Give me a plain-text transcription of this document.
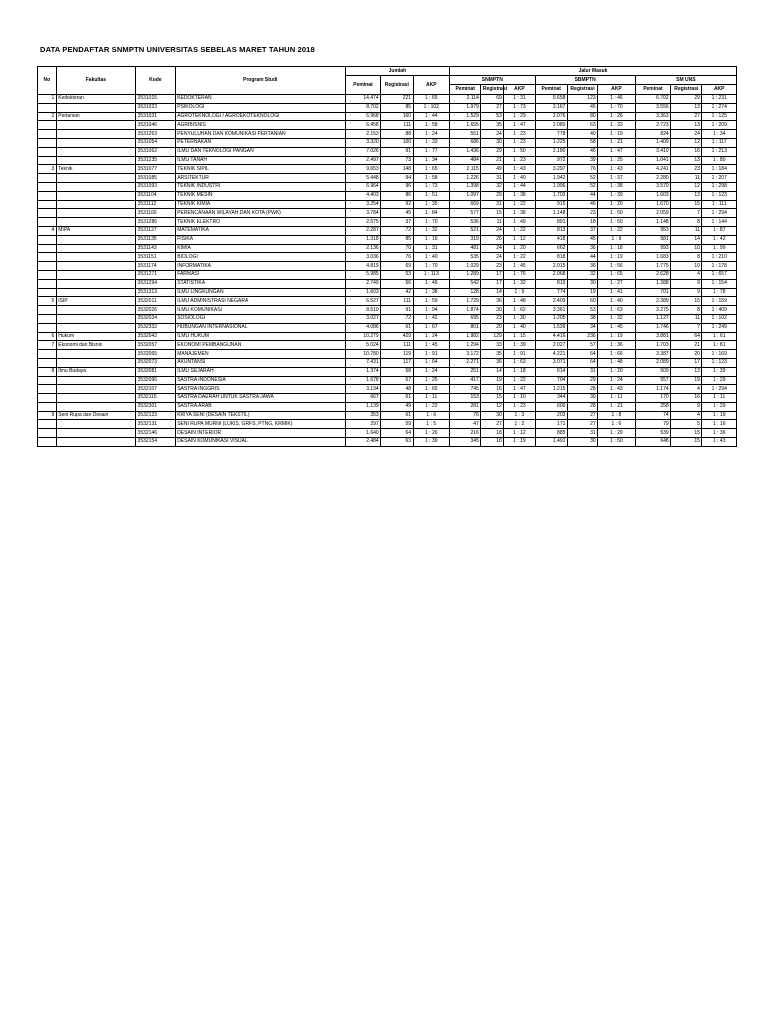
DATA PENDAFTAR SNMPTN UNIVERSITAS SEBELAS MARET TAHUN 2018
No	Fakultas	Kode	Program Studi	Jumlah			Jalur Masuk								
				Peminat	Registrasi	AKP	SNMPTN			SBMPTN			SM UNS		
							Peminat	Registrasi	AKP	Peminat	Registrasi	AKP	Peminat	Registrasi	AKP
1	Kedokteran	3531015	KEDOKTERAN	14.474	221	1 : 65	2.114	69	1 : 31	5.658	123	1 : 46	6.702	29	1 : 231
		3531023	PSIKOLOGI	8.702	85	1 : 102	1.979	27	1 : 73	3.167	45	1 : 70	3.556	13	1 : 274
2	Pertanian	3531031	AGROTEKNOLOGI / AGROEKOTEKNOLOGI	6.968	160	1 : 44	1.529	53	1 : 29	2.076	80	1 : 26	3.363	27	1 : 125
		3531046	AGRIBISNIS	6.458	111	1 : 58	1.655	35	1 : 47	2.080	63	1 : 33	2.723	13	1 : 209
		3531263	PENYULUHAN DAN KOMUNIKASI PERTANIAN	2.153	88	1 : 24	551	24	1 : 23	778	40	1 : 19	824	24	1 : 34
		3531054	PETERNAKAN	3.320	100	1 : 33	686	30	1 : 23	1.225	58	1 : 21	1.409	12	1 : 117
		3531062	ILMU DAN TEKNOLOGI PANGAN	7.026	91	1 : 77	1.436	29	1 : 50	2.180	46	1 : 47	3.410	16	1 : 213
		3531235	ILMU TANAH	2.497	73	1 : 34	484	21	1 : 23	972	39	1 : 25	1.041	13	1 : 80
3	Teknik	3531077	TEKNIK SIPIL	9.653	148	1 : 65	2.115	49	1 : 43	3.297	76	1 : 43	4.241	23	1 : 184
		3531085	ARSITEKTUR	5.448	94	1 : 58	1.226	31	1 : 40	1.942	52	1 : 37	2.280	11	1 : 207
		3531093	TEKNIK INDUSTRI	6.964	96	1 : 73	1.398	32	1 : 44	1.996	52	1 : 38	3.570	12	1 : 298
		3531104	TEKNIK MESIN	4.403	86	1 : 51	1.097	29	1 : 38	1.703	44	1 : 39	1.603	13	1 : 123
		3531112	TEKNIK KIMIA	3.254	92	1 : 35	669	31	1 : 22	915	46	1 : 20	1.670	15	1 : 111
		3531166	PERENCANAAN WILAYAH DAN KOTA (PWK)	3.784	45	1 : 84	577	15	1 : 38	1.148	23	1 : 50	2.059	7	1 : 294
		3531286	TEKNIK ELEKTRO	2.575	37	1 : 70	536	11	1 : 49	891	18	1 : 50	1.148	8	1 : 144
4	MIPA	3531127	MATEMATIKA	2.287	72	1 : 32	521	24	1 : 22	813	37	1 : 22	953	11	1 : 87
		3531135	FISIKA	1.318	85	1 : 16	319	26	1 : 12	418	45	1 : 9	581	14	1 : 42
		3531143	KIMIA	2.136	70	1 : 31	481	24	1 : 20	662	36	1 : 18	993	10	1 : 99
		3531151	BIOLOGI	3.036	76	1 : 40	535	24	1 : 22	818	44	1 : 19	1.683	8	1 : 210
		3531174	INFORMATIKA	4.819	69	1 : 70	1.029	23	1 : 45	2.015	36	1 : 56	1.775	10	1 : 178
		3531271	FARMASI	5.985	53	1 : 113	1.289	17	1 : 76	2.068	32	1 : 65	2.628	4	1 : 657
		3531294	STATISTIKA	2.749	56	1 : 49	542	17	1 : 32	819	30	1 : 27	1.388	9	1 : 154
		3531313	ILMU LINGKUNGAN	1.603	42	1 : 38	128	14	1 : 9	774	19	1 : 41	701	9	1 : 78
5	ISIP	3532011	ILMU ADMINISTRASI NEGARA	6.527	111	1 : 59	1.729	36	1 : 48	2.409	60	1 : 40	2.389	15	1 : 159
		3532026	ILMU KOMUNIKASI	8.510	91	1 : 94	1.874	30	1 : 62	3.361	53	1 : 63	3.275	8	1 : 409
		3532034	SOSIOLOGI	3.027	72	1 : 42	695	23	1 : 30	1.205	38	1 : 32	1.127	11	1 : 102
		3532332	HUBUNGAN INTERNASIONAL	4.086	61	1 : 67	801	20	1 : 40	1.539	34	1 : 45	1.746	7	1 : 249
6	Hukum	3532042	ILMU HUKUM	10.279	429	1 : 24	1.982	129	1 : 15	4.416	236	1 : 19	3.881	64	1 : 61
7	Ekonomi dan Bisnis	3532057	EKONOMI PEMBANGUNAN	5.024	111	1 : 45	1.294	33	1 : 39	2.027	57	1 : 36	1.703	21	1 : 81
		3532065	MANAJEMEN	10.780	119	1 : 91	3.172	35	1 : 91	4.221	64	1 : 66	3.387	20	1 : 169
		3532073	AKUNTANSI	7.431	117	1 : 64	2.271	36	1 : 63	3.071	64	1 : 48	2.089	17	1 : 123
8	Ilmu Budaya	3532081	ILMU SEJARAH	1.374	58	1 : 24	251	14	1 : 18	614	31	1 : 20	509	13	1 : 39
		3532096	SASTRA INDONESIA	1.678	67	1 : 25	417	19	1 : 22	704	29	1 : 24	557	19	1 : 29
		3532107	SASTRA INGGRIS	3.134	48	1 : 65	745	16	1 : 47	1.215	28	1 : 43	1.174	4	1 : 294
		3532115	SASTRA DAERAH UNTUK SASTRA JAWA	667	61	1 : 11	153	15	1 : 10	344	30	1 : 11	170	16	1 : 11
		3532301	SASTRA ARAB	1.139	49	1 : 23	281	12	1 : 23	600	28	1 : 21	258	9	1 : 29
9	Seni Rupa dan Desain	3532123	KRIYA SENI (DESAIN TEKSTIL)	353	61	1 : 6	76	30	1 : 3	203	27	1 : 8	74	4	1 : 19
		3532131	SENI RUPA MURNI (LUKIS, GRFS, PTNG, KRMIK)	297	59	1 : 5	47	27	1 : 2	171	27	1 : 6	79	5	1 : 16
		3532146	DESAIN INTERIOR	1.640	64	1 : 26	216	18	1 : 12	885	31	1 : 29	539	15	1 : 36
		3532154	DESAIN KOMUNIKASI VISUAL	2.484	63	1 : 39	345	18	1 : 19	1.491	30	1 : 50	648	15	1 : 43
